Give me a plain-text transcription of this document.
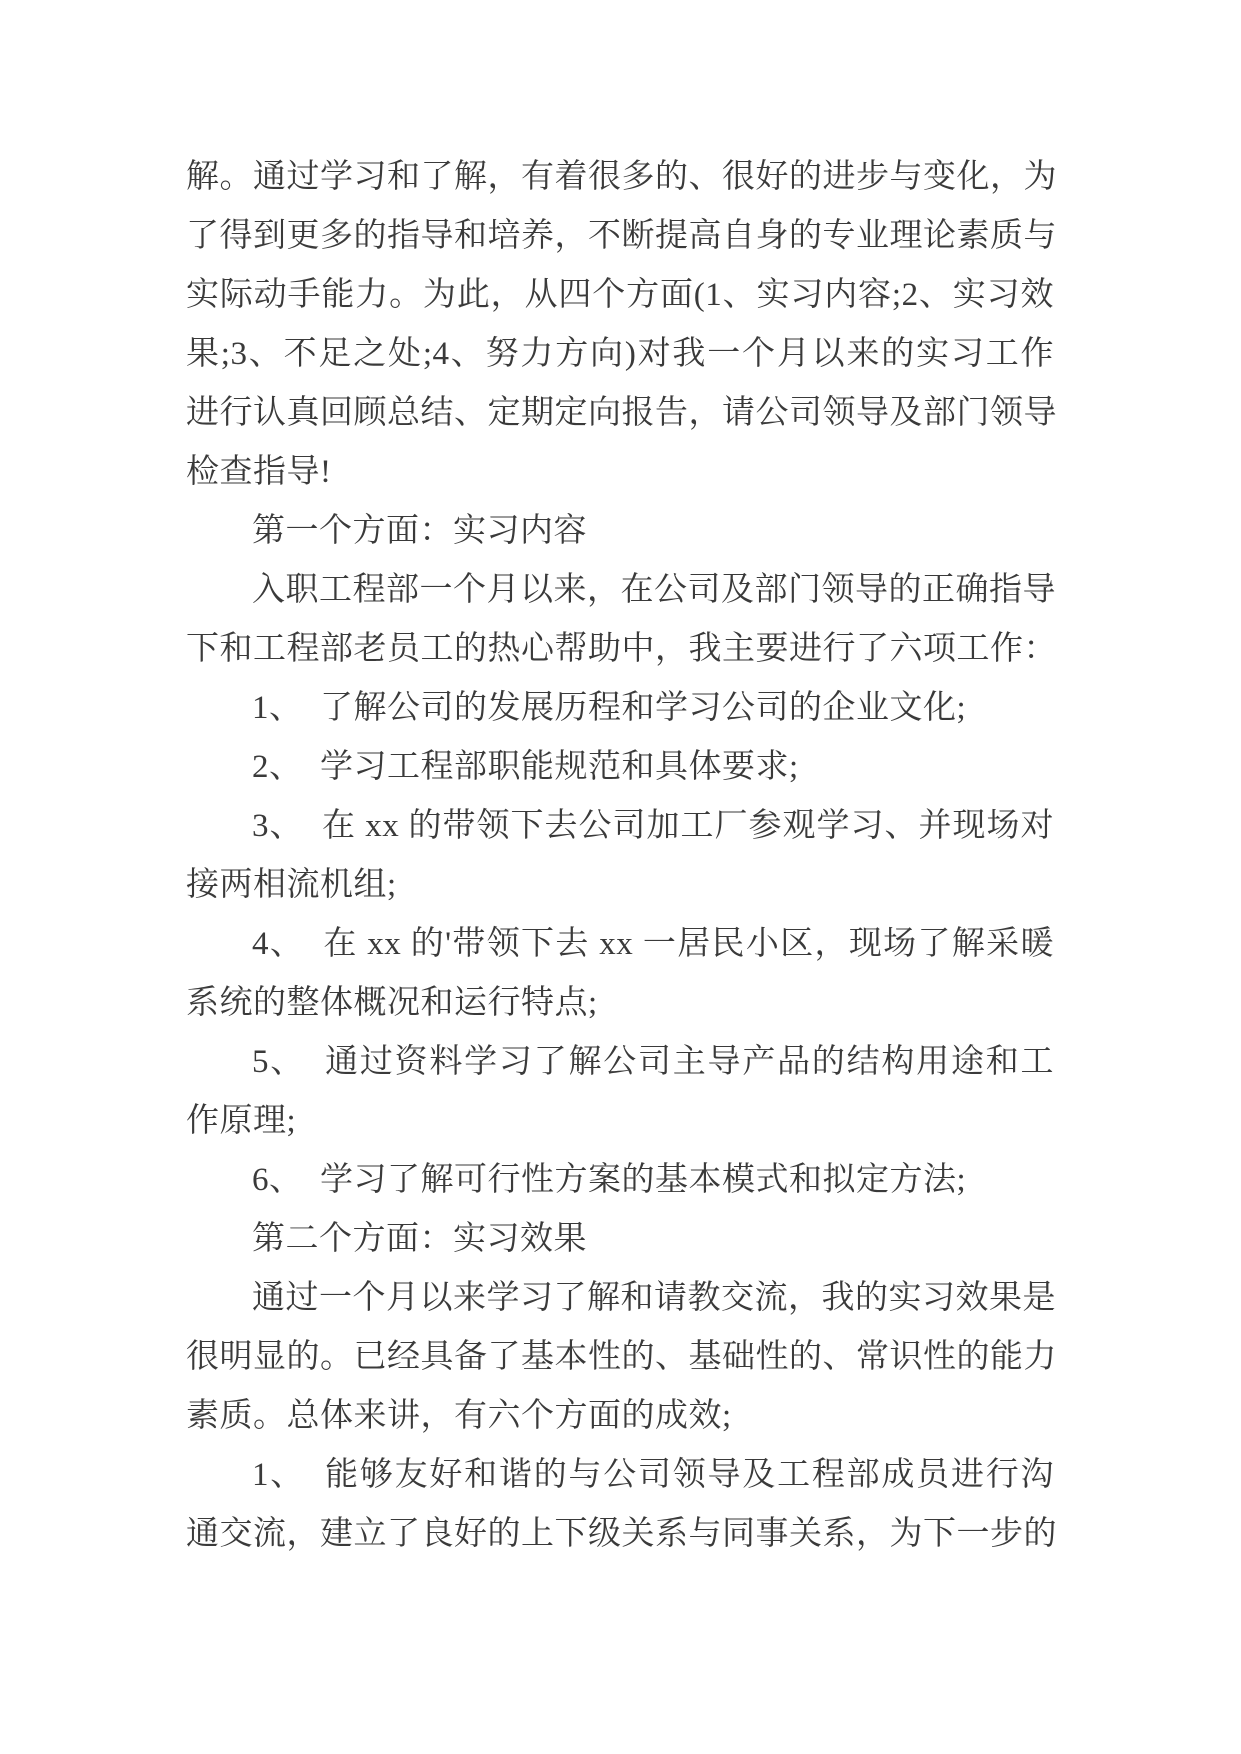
解。通过学习和了解，有着很多的、很好的进步与变化，为
了得到更多的指导和培养，不断提高自身的专业理论素质与
实际动手能力。为此，从四个方面(1、实习内容;2、实习效
果;3、不足之处;4、努力方向)对我一个月以来的实习工作
进行认真回顾总结、定期定向报告，请公司领导及部门领导
检查指导!
第一个方面：实习内容
入职工程部一个月以来，在公司及部门领导的正确指导
下和工程部老员工的热心帮助中，我主要进行了六项工作：
1、  了解公司的发展历程和学习公司的企业文化;
2、  学习工程部职能规范和具体要求;
3、  在 xx 的带领下去公司加工厂参观学习、并现场对
接两相流机组;
4、  在 xx 的'带领下去 xx 一居民小区，现场了解采暖
系统的整体概况和运行特点;
5、  通过资料学习了解公司主导产品的结构用途和工
作原理;
6、  学习了解可行性方案的基本模式和拟定方法;
第二个方面：实习效果
通过一个月以来学习了解和请教交流，我的实习效果是
很明显的。已经具备了基本性的、基础性的、常识性的能力
素质。总体来讲，有六个方面的成效;
1、  能够友好和谐的与公司领导及工程部成员进行沟
通交流，建立了良好的上下级关系与同事关系，为下一步的
